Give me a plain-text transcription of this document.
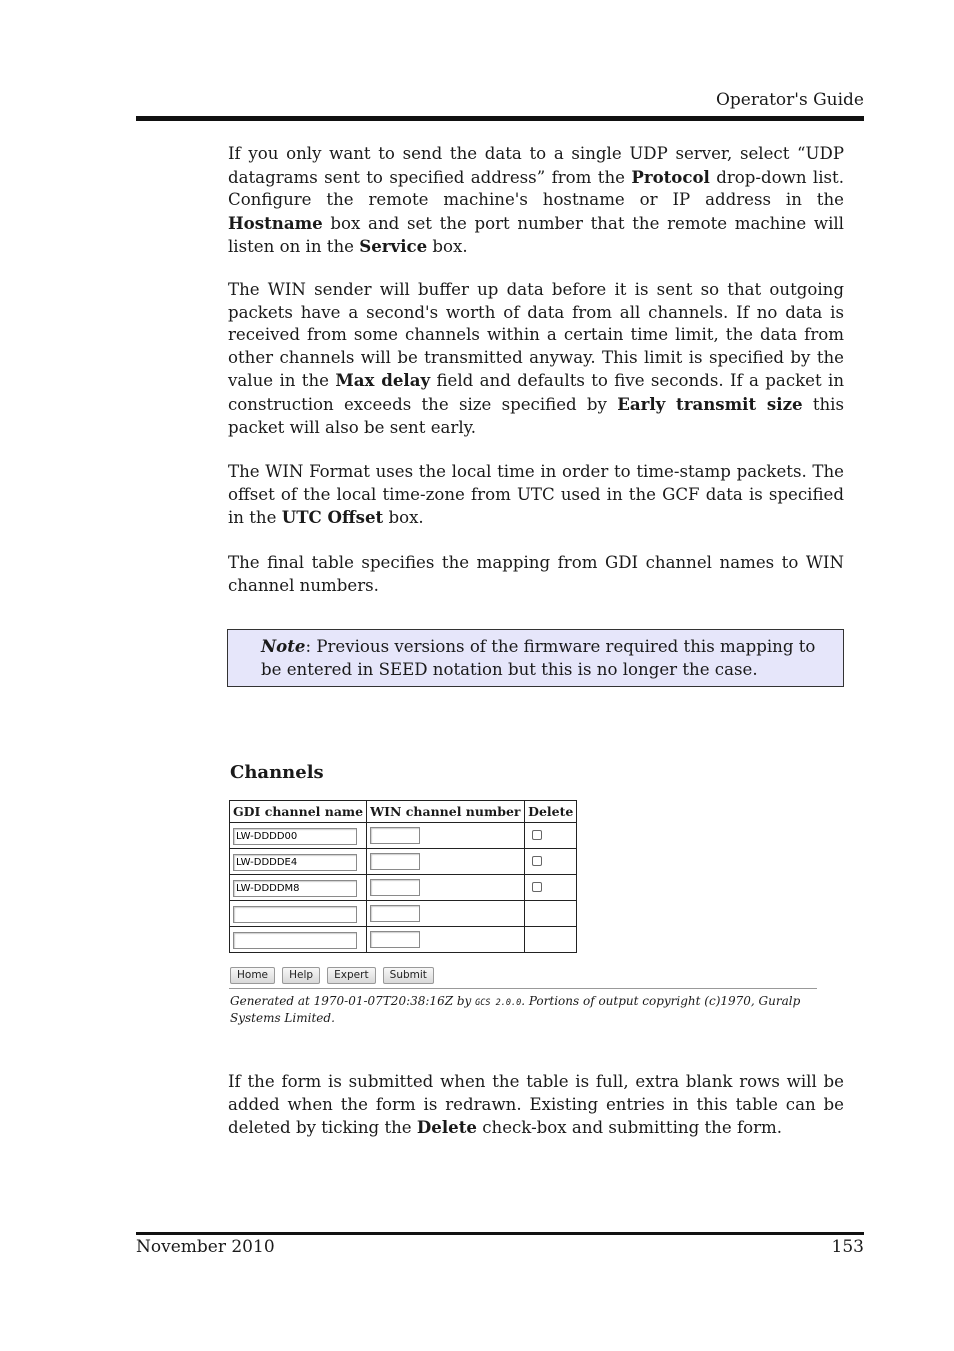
Operator's Guide
If you only want to send the data to a single UDP server, select “UDP datagrams sent to specified address” from the Protocol drop-down list. Configure the remote machine's hostname or IP address in the Hostname box and set the port number that the remote machine will listen on in the Service box.
The WIN sender will buffer up data before it is sent so that outgoing packets have a second's worth of data from all channels. If no data is received from some channels within a certain time limit, the data from other channels will be transmitted anyway. This limit is specified by the value in the Max delay field and defaults to five seconds. If a packet in construction exceeds the size specified by Early transmit size this packet will also be sent early.
The WIN Format uses the local time in order to time-stamp packets. The offset of the local time-zone from UTC used in the GCF data is specified in the UTC Offset box.
The final table specifies the mapping from GDI channel names to WIN channel numbers.
Note: Previous versions of the firmware required this mapping to be entered in SEED notation but this is no longer the case.
Channels
GDI channel name	WIN channel number	Delete
LW-DDDD00		
LW-DDDDE4		
LW-DDDDM8		

Home Help Expert Submit
Generated at 1970-01-07T20:38:16Z by GCS 2.0.0. Portions of output copyright (c)1970, Guralp Systems Limited.
If the form is submitted when the table is full, extra blank rows will be added when the form is redrawn. Existing entries in this table can be deleted by ticking the Delete check-box and submitting the form.
November 2010	153
